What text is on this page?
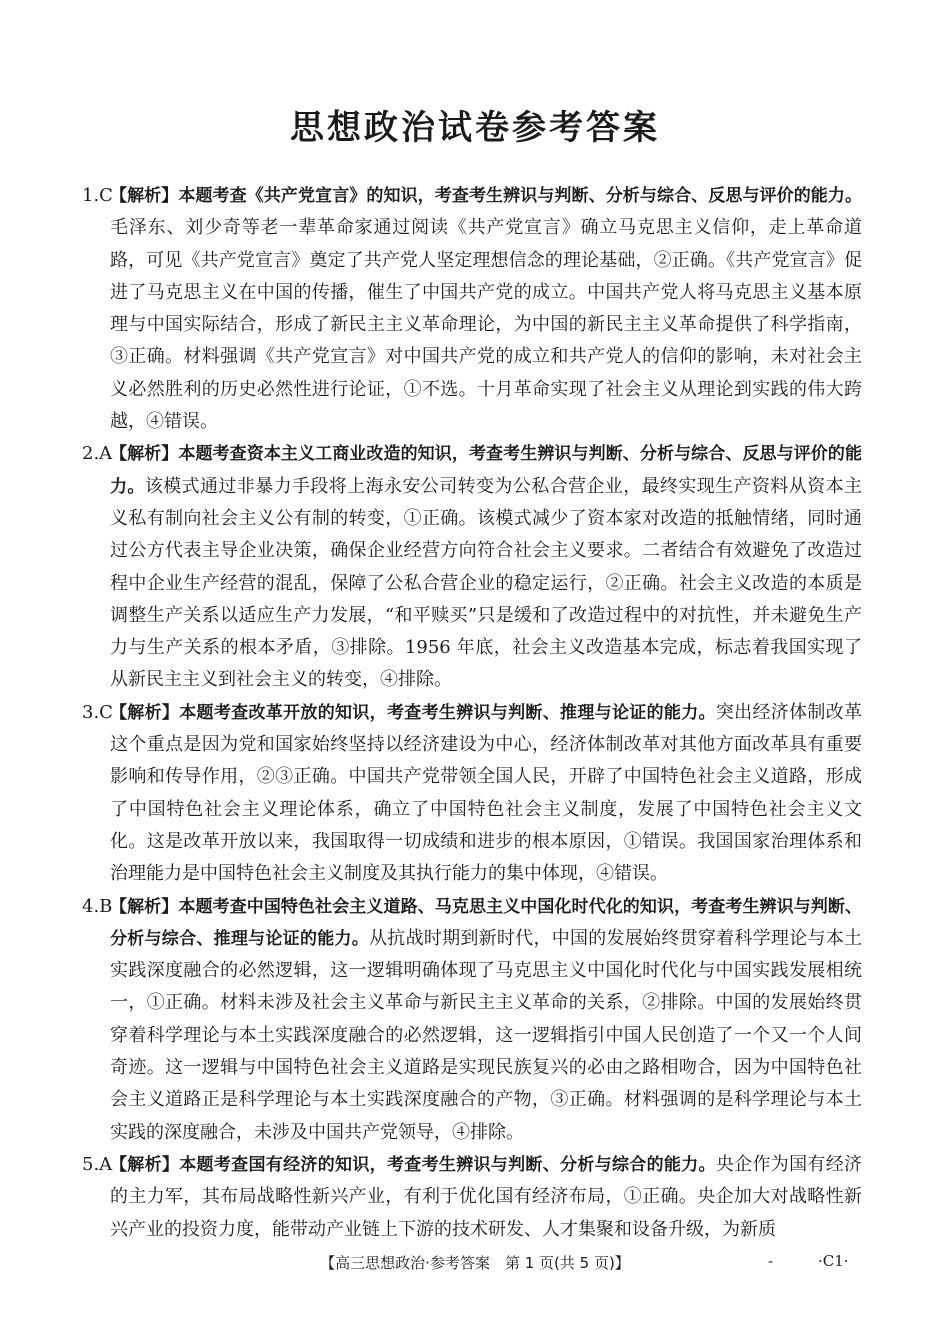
思想政治试卷参考答案
1.C
【解析】本题考查《共产党宣言》的知识，考查考生辨识与判断、分析与综合、反思与评价的能力。毛泽东、刘少奇等老一辈革命家通过阅读《共产党宣言》确立马克思主义信仰，走上革命道路，可见《共产党宣言》奠定了共产党人坚定理想信念的理论基础，②正确。《共产党宣言》促进了马克思主义在中国的传播，催生了中国共产党的成立。中国共产党人将马克思主义基本原理与中国实际结合，形成了新民主主义革命理论，为中国的新民主主义革命提供了科学指南，③正确。材料强调《共产党宣言》对中国共产党的成立和共产党人的信仰的影响，未对社会主义必然胜利的历史必然性进行论证，①不选。十月革命实现了社会主义从理论到实践的伟大跨越，④错误。
2.A
【解析】本题考查资本主义工商业改造的知识，考查考生辨识与判断、分析与综合、反思与评价的能力。该模式通过非暴力手段将上海永安公司转变为公私合营企业，最终实现生产资料从资本主义私有制向社会主义公有制的转变，①正确。该模式减少了资本家对改造的抵触情绪，同时通过公方代表主导企业决策，确保企业经营方向符合社会主义要求。二者结合有效避免了改造过程中企业生产经营的混乱，保障了公私合营企业的稳定运行，②正确。社会主义改造的本质是调整生产关系以适应生产力发展，“和平赎买”只是缓和了改造过程中的对抗性，并未避免生产力与生产关系的根本矛盾，③排除。1956 年底，社会主义改造基本完成，标志着我国实现了从新民主主义到社会主义的转变，④排除。
3.C
【解析】本题考查改革开放的知识，考查考生辨识与判断、推理与论证的能力。突出经济体制改革这个重点是因为党和国家始终坚持以经济建设为中心，经济体制改革对其他方面改革具有重要影响和传导作用，②③正确。中国共产党带领全国人民，开辟了中国特色社会主义道路，形成了中国特色社会主义理论体系，确立了中国特色社会主义制度，发展了中国特色社会主义文化。这是改革开放以来，我国取得一切成绩和进步的根本原因，①错误。我国国家治理体系和治理能力是中国特色社会主义制度及其执行能力的集中体现，④错误。
4.B
【解析】本题考查中国特色社会主义道路、马克思主义中国化时代化的知识，考查考生辨识与判断、分析与综合、推理与论证的能力。从抗战时期到新时代，中国的发展始终贯穿着科学理论与本土实践深度融合的必然逻辑，这一逻辑明确体现了马克思主义中国化时代化与中国实践发展相统一，①正确。材料未涉及社会主义革命与新民主主义革命的关系，②排除。中国的发展始终贯穿着科学理论与本土实践深度融合的必然逻辑，这一逻辑指引中国人民创造了一个又一个人间奇迹。这一逻辑与中国特色社会主义道路是实现民族复兴的必由之路相吻合，因为中国特色社会主义道路正是科学理论与本土实践深度融合的产物，③正确。材料强调的是科学理论与本土实践的深度融合，未涉及中国共产党领导，④排除。
5.A
【解析】本题考查国有经济的知识，考查考生辨识与判断、分析与综合的能力。央企作为国有经济的主力军，其布局战略性新兴产业，有利于优化国有经济布局，①正确。央企加大对战略性新兴产业的投资力度，能带动产业链上下游的技术研发、人才集聚和设备升级，为新质
【高三思想政治·参考答案　第 1 页(共 5 页)】	-	·C1·
